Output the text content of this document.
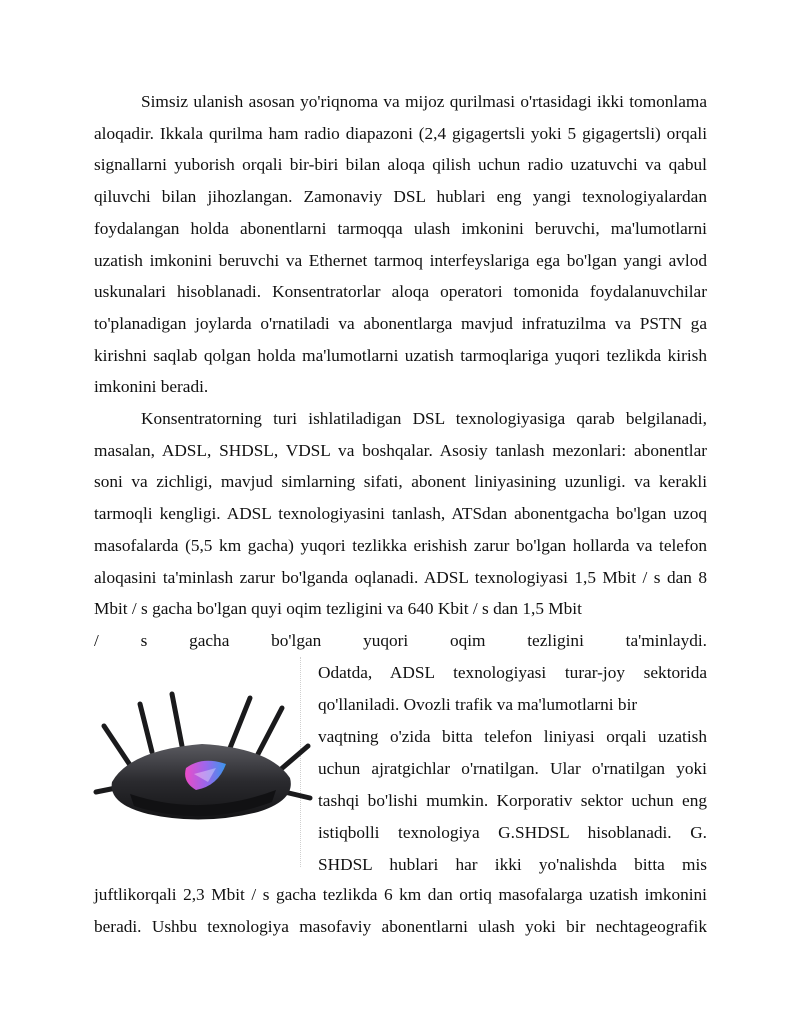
Simsiz ulanish asosan yo'riqnoma va mijoz qurilmasi o'rtasidagi ikki tomonlama aloqadir. Ikkala qurilma ham radio diapazoni (2,4 gigagertsli yoki 5 gigagertsli) orqali signallarni yuborish orqali bir-biri bilan aloqa qilish uchun radio uzatuvchi va qabul qiluvchi bilan jihozlangan. Zamonaviy DSL hublari eng yangi texnologiyalardan foydalangan holda abonentlarni tarmoqqa ulash imkonini beruvchi, ma'lumotlarni uzatish imkonini beruvchi va Ethernet tarmoq interfeyslariga ega bo'lgan yangi avlod uskunalari hisoblanadi. Konsentratorlar aloqa operatori tomonida foydalanuvchilar to'planadigan joylarda o'rnatiladi va abonentlarga mavjud infratuzilma va PSTN ga kirishni saqlab qolgan holda ma'lumotlarni uzatish tarmoqlariga yuqori tezlikda kirish imkonini beradi.

Konsentratorning turi ishlatiladigan DSL texnologiyasiga qarab belgilanadi, masalan, ADSL, SHDSL, VDSL va boshqalar. Asosiy tanlash mezonlari: abonentlar soni va zichligi, mavjud simlarning sifati, abonent liniyasining uzunligi. va kerakli tarmoqli kengligi. ADSL texnologiyasini tanlash, ATSdan abonentgacha bo'lgan uzoq masofalarda (5,5 km gacha) yuqori tezlikka erishish zarur bo'lgan hollarda va telefon aloqasini ta'minlash zarur bo'lganda oqlanadi. ADSL texnologiyasi 1,5 Mbit / s dan 8 Mbit / s gacha bo'lgan quyi oqim tezligini va 640 Kbit / s dan 1,5 Mbit

/ s gacha bo'lgan yuqori oqim tezligini ta'minlaydi.
Odatda, ADSL texnologiyasi turar-joy sektorida
qo'llaniladi. Ovozli trafik va ma'lumotlarni bir
vaqtning o'zida bitta telefon liniyasi orqali uzatish
uchun ajratgichlar o'rnatilgan. Ular o'rnatilgan yoki
tashqi bo'lishi mumkin. Korporativ sektor uchun eng
istiqbolli texnologiya G.SHDSL hisoblanadi. G.
SHDSL hublari har ikki yo'nalishda bitta mis
juftlikorqali 2,3 Mbit / s gacha tezlikda 6 km dan ortiq masofalarga uzatish imkonini
beradi. Ushbu texnologiya masofaviy abonentlarni ulash yoki bir nechtageografik
